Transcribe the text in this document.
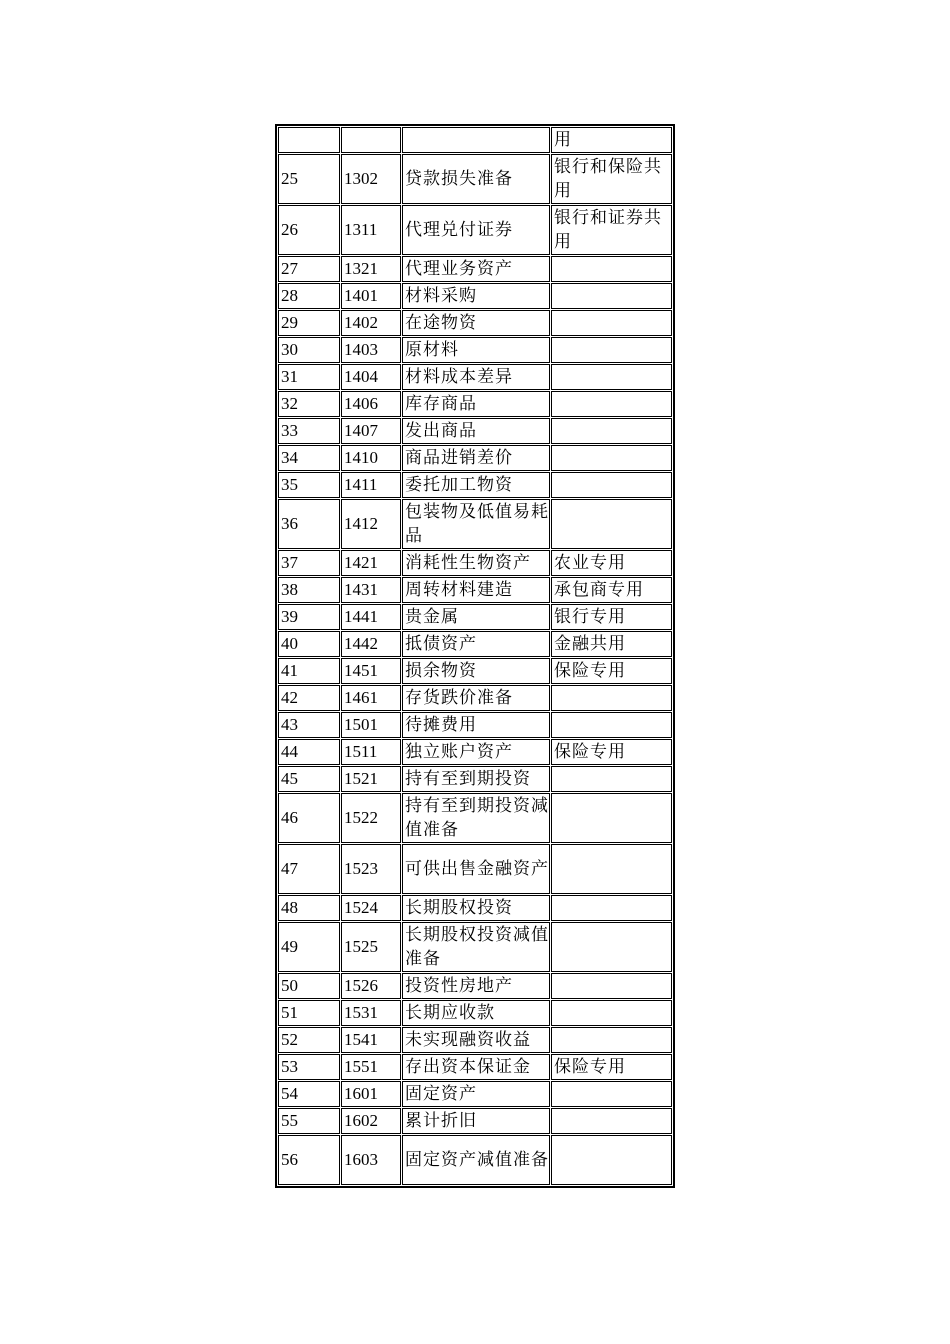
			用
25	1302	贷款损失准备	银行和保险共用
26	1311	代理兑付证券	银行和证券共用
27	1321	代理业务资产	
28	1401	材料采购	
29	1402	在途物资	
30	1403	原材料	
31	1404	材料成本差异	
32	1406	库存商品	
33	1407	发出商品	
34	1410	商品进销差价	
35	1411	委托加工物资	
36	1412	包装物及低值易耗品	
37	1421	消耗性生物资产	农业专用
38	1431	周转材料建造	承包商专用
39	1441	贵金属	银行专用
40	1442	抵债资产	金融共用
41	1451	损余物资	保险专用
42	1461	存货跌价准备	
43	1501	待摊费用	
44	1511	独立账户资产	保险专用
45	1521	持有至到期投资	
46	1522	持有至到期投资减值准备	
47	1523	可供出售金融资产	
48	1524	长期股权投资	
49	1525	长期股权投资减值准备	
50	1526	投资性房地产	
51	1531	长期应收款	
52	1541	未实现融资收益	
53	1551	存出资本保证金	保险专用
54	1601	固定资产	
55	1602	累计折旧	
56	1603	固定资产减值准备	
